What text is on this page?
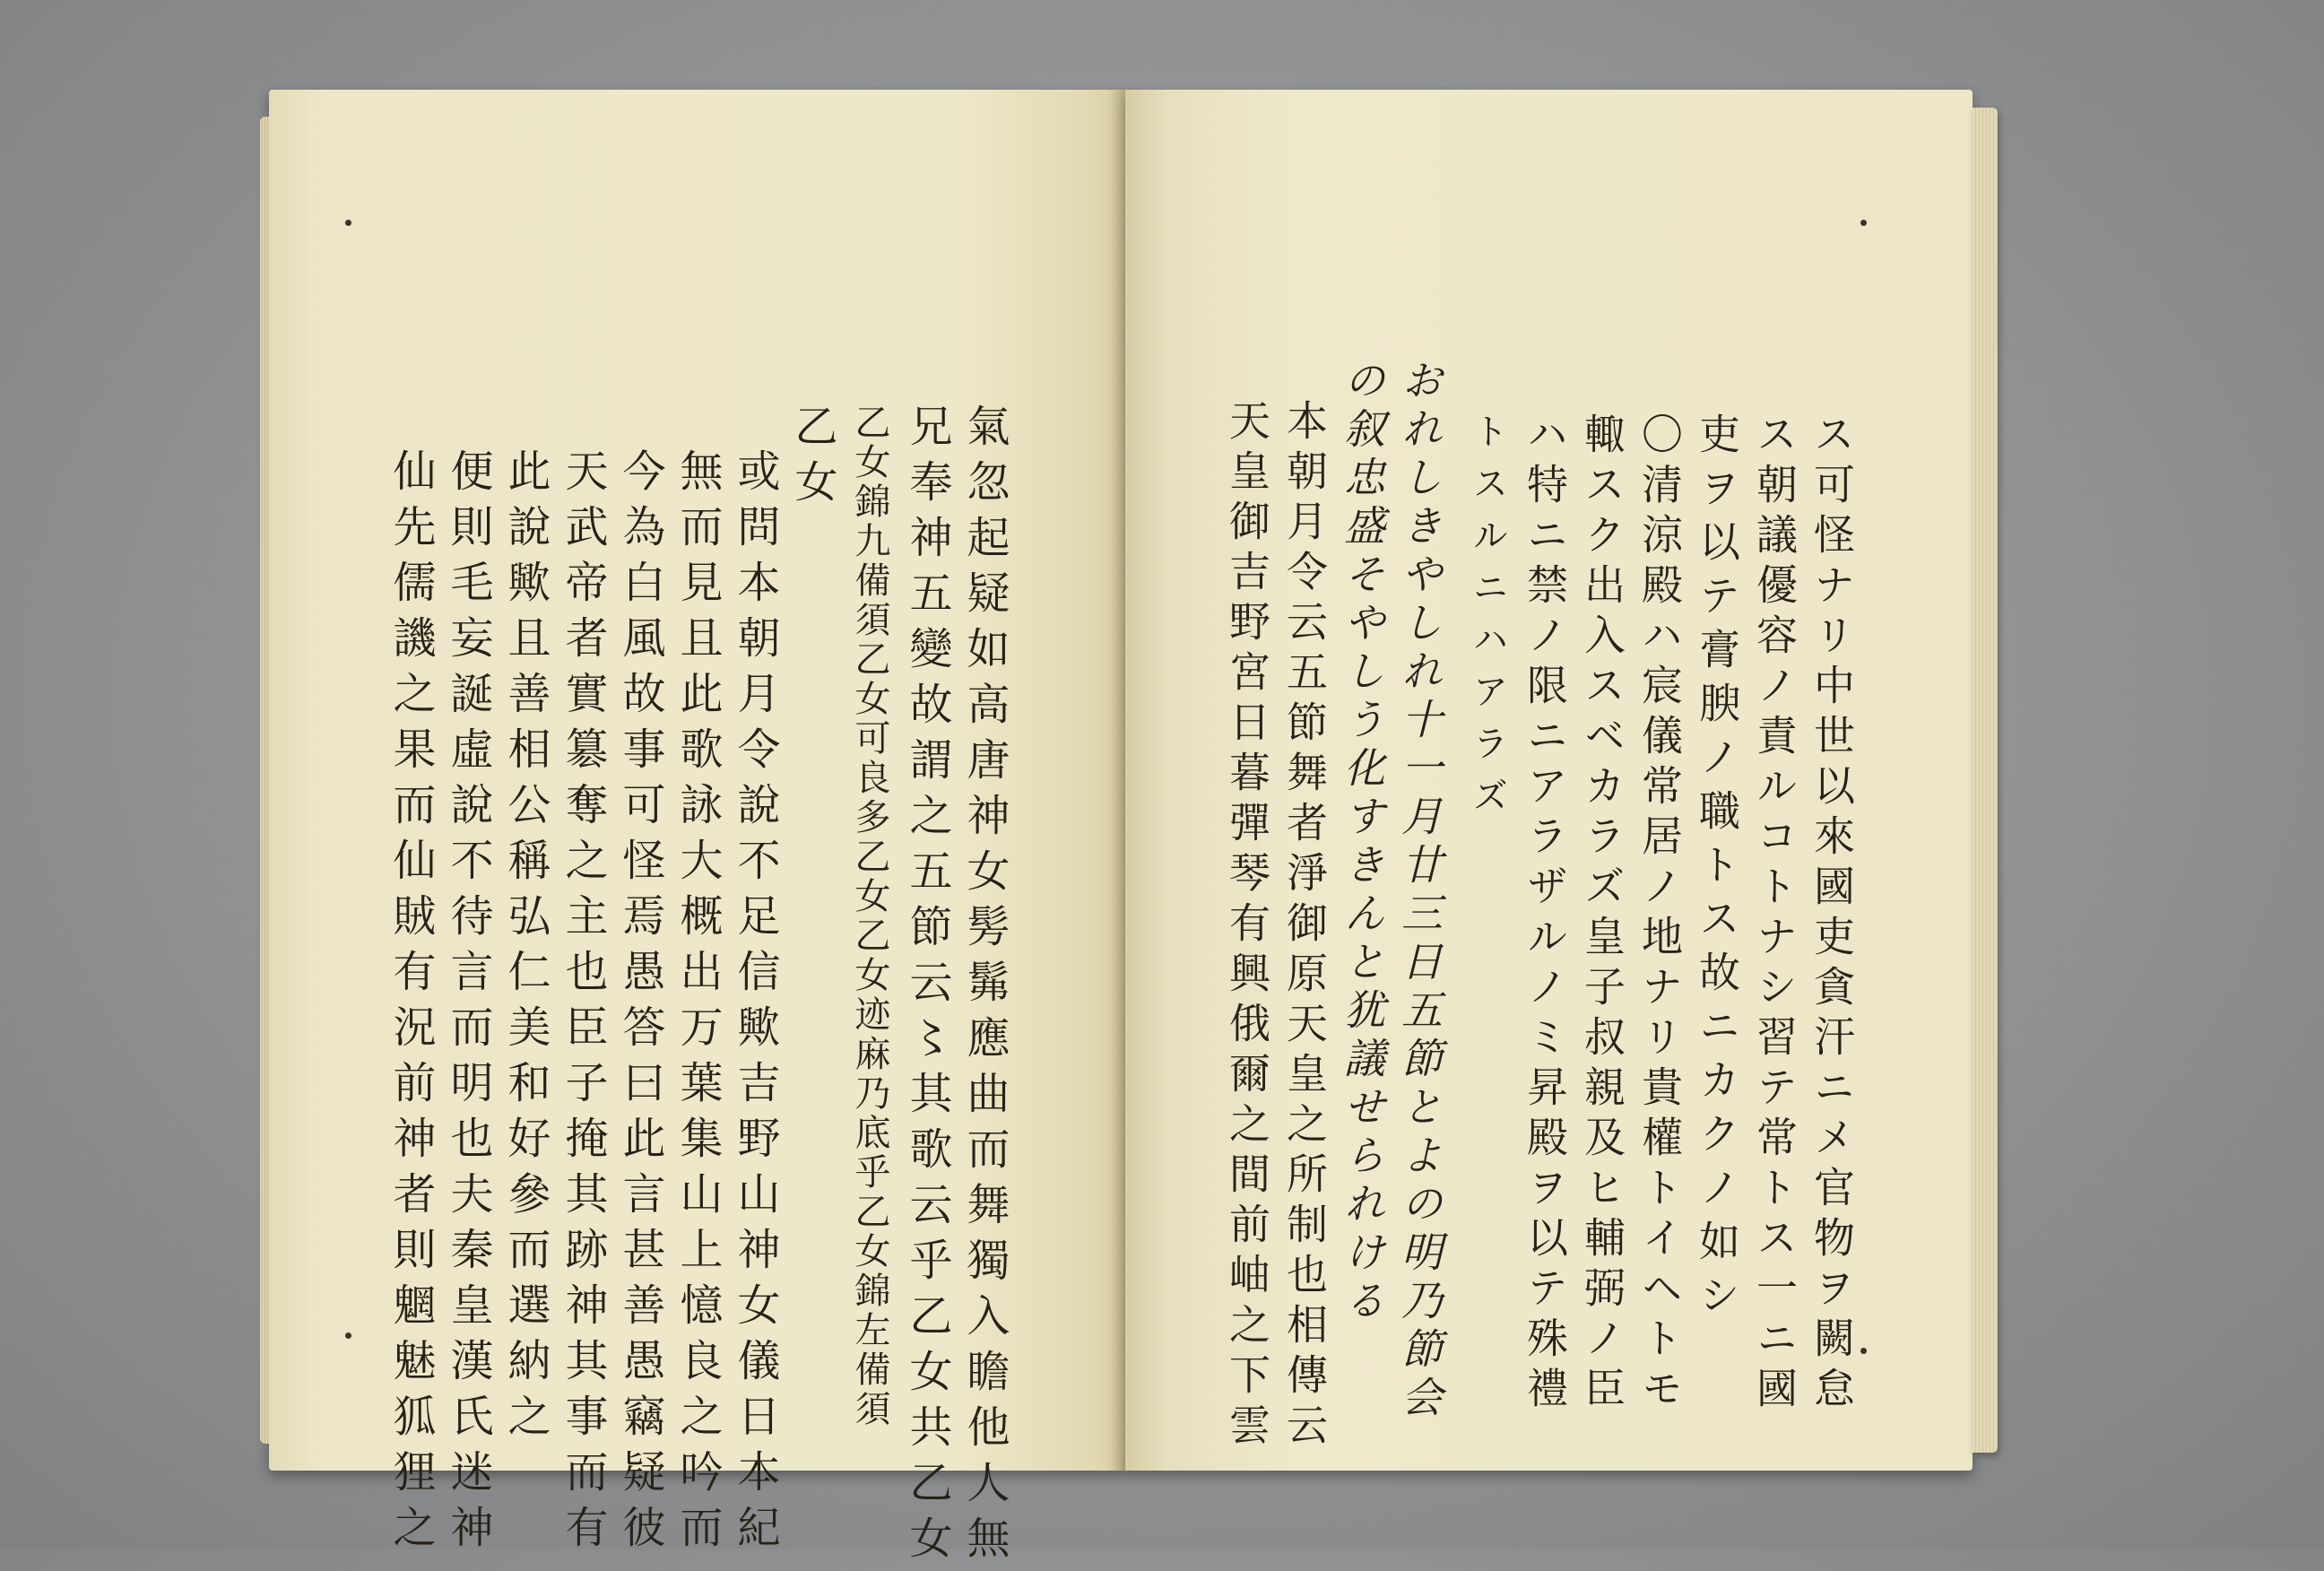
氣忽起疑如高唐神女髣髴應曲而舞獨入瞻他人無
兄奉神五變故謂之五節云〻其歌云乎乙女共乙女
乙女錦九備須乙女可良多乙女乙女迹麻乃底乎乙女錦左備須
乙女
或問本朝月令說不足信歟吉野山神女儀日本紀
無而見且此歌詠大概出万葉集山上憶良之吟而
今為白風故事可怪焉愚答曰此言甚善愚竊疑彼
天武帝者實簒奪之主也臣子掩其跡神其事而有
此說歟且善相公稱弘仁美和好參而選納之
便則毛妄誕虛說不待言而明也夫秦皇漢氏迷神
仙先儒譏之果而仙賊有況前神者則魍魅狐狸之	ス可怪ナリ中世以來國吏貪汗ニメ官物ヲ闕怠
ス朝議優容ノ責ルコトナシ習テ常トス一ニ國
吏ヲ以テ膏腴ノ職トス故ニカクノ如シ
〇清涼殿ハ宸儀常居ノ地ナリ貴權トイヘトモ
輙スク出入スベカラズ皇子叔親及ヒ輔弼ノ臣
ハ特ニ禁ノ限ニアラザルノミ昇殿ヲ以テ殊禮
トスルニハアラズ
おれしきやしれ十一月廿三日五節とよの明乃節会
の叙忠盛そやしう化すきんと犹議せられける
本朝月令云五節舞者淨御原天皇之所制也相傳云
天皇御吉野宮日暮彈琴有興俄爾之間前岫之下雲
